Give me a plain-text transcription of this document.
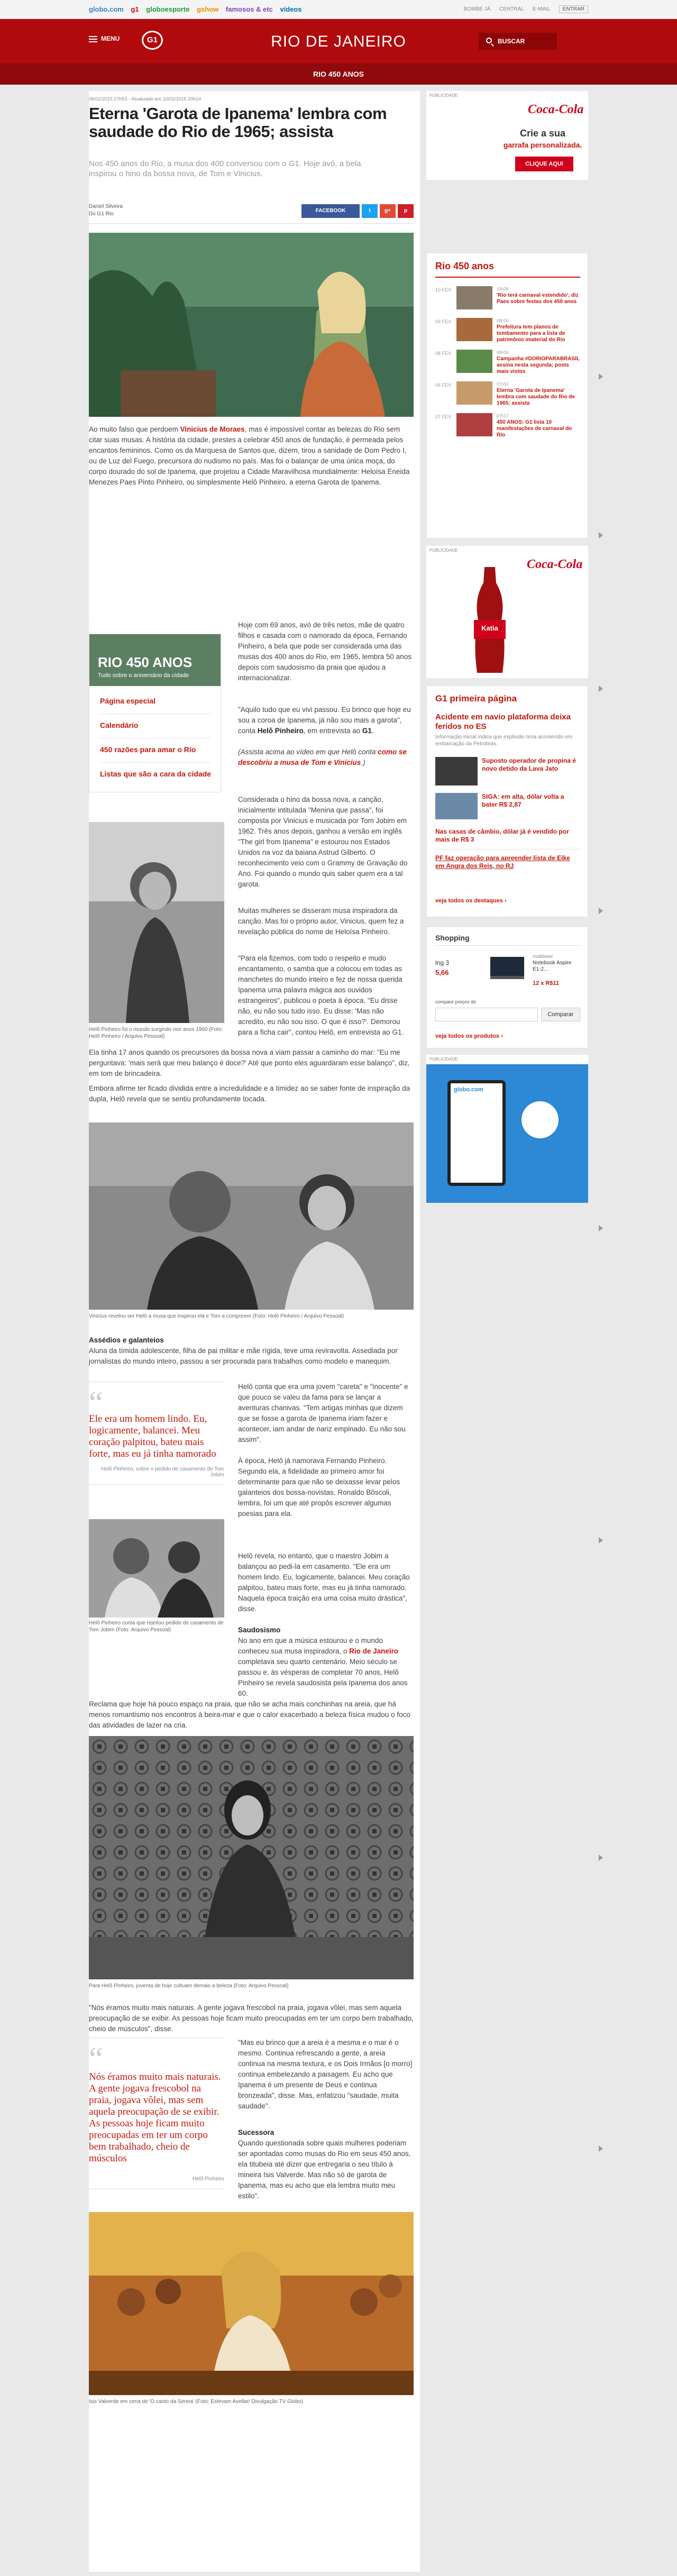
globo.com g1 globoesporte gshow famosos & etc vídeos	BOMBE JÁ CENTRAL E-MAIL ENTRAR
MENU	G1	RIO DE JANEIRO	BUSCAR
RIO 450 ANOS
06/02/2015 07h53 - Atualizado em 10/02/2015 20h14
Eterna 'Garota de Ipanema' lembra com saudade do Rio de 1965; assista
Nos 450 anos do Rio, a musa dos 400 conversou com o G1. Hoje avó, a bela inspirou o hino da bossa nova, de Tom e Vinicius.
Daniel Silveira
Do G1 Rio
FACEBOOK	t	g+ p
Ao muito falso que perdoem Vinicius de Moraes, mas é impossível contar as belezas do Rio sem citar suas musas. A história da cidade, prestes a celebrar 450 anos de fundação, é permeada pelos encantos femininos. Como os da Marquesa de Santos que, dizem, tirou a sanidade de Dom Pedro I, ou de Luz del Fuego, precursora do nudismo no país. Mas foi o balançar de uma única moça, do corpo dourado do sol de Ipanema, que projetou a Cidade Maravilhosa mundialmente: Heloísa Eneida Menezes Paes Pinto Pinheiro, ou simplesmente Helô Pinheiro, a eterna Garota de Ipanema.
RIO 450 ANOS
Tudo sobre o aniversário da cidade
Página especial
Calendário
450 razões para amar o Rio
Listas que são a cara da cidade
Hoje com 69 anos, avó de três netos, mãe de quatro filhos e casada com o namorado da época, Fernando Pinheiro, a bela que pode ser considerada uma das musas dos 400 anos do Rio, em 1965, lembra 50 anos depois com saudosismo da praia que ajudou a internacionalizar.
"Aquilo tudo que eu vivi passou. Eu brinco que hoje eu sou a coroa de Ipanema, já não sou mais a garota", conta Helô Pinheiro, em entrevista ao G1.
(Assista acima ao vídeo em que Helô conta como se descobriu a musa de Tom e Vinicius.)
Considerada o hino da bossa nova, a canção, inicialmente intitulada "Menina que passa", foi composta por Vinicius e musicada por Tom Jobim em 1962. Três anos depois, ganhou a versão em inglês "The girl from Ipanema" e estourou nos Estados Unidos na voz da baiana Astrud Gilberto. O reconhecimento veio com o Grammy de Gravação do Ano. Foi quando o mundo quis saber quem era a tal garota.
Muitas mulheres se disseram musa inspiradora da canção. Mas foi o próprio autor, Vinicius, quem fez a revelação pública do nome de Heloísa Pinheiro.
"Para ela fizemos, com todo o respeito e mudo encantamento, o samba que a colocou em todas as manchetes do mundo inteiro e fez de nossa querida Ipanema uma palavra mágica aos ouvidos estrangeiros", publicou o poeta à época. "Eu disse não, eu não sou tudo isso. Eu disse: 'Mas não acredito, eu não sou isso. O que é isso?'. Demorou para a ficha cair", contou Helô, em entrevista ao G1.
Helô Pinheiro foi o mundo surgindo nos anos 1960 (Foto: Helô Pinheiro / Arquivo Pessoal)
Ela tinha 17 anos quando os precursores da bossa nova a viam passar a caminho do mar: "Eu me perguntava: 'mais será que meu balanço é doce?' Até que ponto eles aguardaram esse balanço", diz, em tom de brincadeira.
Embora afirme ter ficado dividida entre a incredulidade e a timidez ao se saber fonte de inspiração da dupla, Helô revela que se sentiu profundamente tocada.
Vinicius revelou ser Helô a musa que inspirou ela e Tom a comporem (Foto: Helô Pinheiro / Arquivo Pessoal)
Assédios e galanteios
Aluna da tímida adolescente, filha de pai militar e mãe rígida, teve uma reviravolta. Assediada por jornalistas do mundo inteiro, passou a ser procurada para trabalhos como modelo e manequim.
“
Ele era um homem lindo. Eu, logicamente, balancei. Meu coração palpitou, bateu mais forte, mas eu já tinha namorado
Helô Pinheiro, sobre o pedido de casamento de Tom Jobim
Helô conta que era uma jovem "careta" e "inocente" e que pouco se valeu da fama para se lançar a aventuras chanivas. "Tem artigas minhas que dizem que se fosse a garota de Ipanema iriam fazer e acontecer, iam andar de nariz empinado. Eu não sou assim".
À época, Helô já namorava Fernando Pinheiro. Segundo ela, a fidelidade ao primeiro amor foi determinante para que não se deixasse levar pelos galanteios dos bossa-novistas. Ronaldo Bôscoli, lembra, foi um que até propôs escrever algumas poesias para ela.
Helô Pinheiro conta que rejeitou pedido de casamento de Tom Jobim (Foto: Arquivo Pessoal)
Helô revela, no entanto, que o maestro Jobim a balançou ao pedi-la em casamento. "Ele era um homem lindo. Eu, logicamente, balancei. Meu coração palpitou, bateu mais forte, mas eu já tinha namorado. Naquela época traição era uma coisa muito drástica", disse.
Saudosismo
No ano em que a música estourou e o mundo conheceu sua musa inspiradora, o Rio de Janeiro completava seu quarto centenário. Meio século se passou e, às vésperas de completar 70 anos, Helô Pinheiro se revela saudosista pela Ipanema dos anos 60.
Reclama que hoje há pouco espaço na praia, que não se acha mais conchinhas na areia, que há menos romantismo nos encontros à beira-mar e que o calor exacerbado a beleza física mudou o foco das atividades de lazer na cria.
Para Helô Pinheiro, juventa de hoje cultuam demais a beleza (Foto: Arquivo Pessoal)
"Nós éramos muito mais naturais. A gente jogava frescobol na praia, jogava vôlei, mas sem aquela preocupação de se exibir. As pessoas hoje ficam muito preocupadas em ter um corpo bem trabalhado, cheio de músculos", disse.
“
Nós éramos muito mais naturais. A gente jogava frescobol na praia, jogava vôlei, mas sem aquela preocupação de se exibir. As pessoas hoje ficam muito preocupadas em ter um corpo bem trabalhado, cheio de músculos
Helô Pinheiro
"Mas eu brinco que a areia é a mesma e o mar é o mesmo. Continua refrescando a gente, a areia continua na mesma textura, e os Dois Irmãos [o morro] continua embelezando a paisagem. Eu acho que Ipanema é um presente de Deus e continua bronzeada", disse. Mas, enfatizou "saudade, muita saudade".
Sucessora
Quando questionada sobre quais mulheres poderiam ser apontadas como musas do Rio em seus 450 anos, ela titubeia até dizer que entregaria o seu título à mineira Isis Valverde. Mas não só de garota de Ipanema, mas eu acho que ela lembra muito meu estilo".
Isis Valverde em cena de 'O canto da Sereia' (Foto: Estevam Avellar/ Divulgação TV Globo)
PUBLICIDADE
Coca-Cola
Crie a sua
garrafa personalizada.
CLIQUE AQUI
Rio 450 anos
10 FEV	15h28
'Rio terá carnaval estendido', diz Paes sobre festas dos 450 anos
09 FEV	06h16
Prefeitura tem planos de tombamento para a lista de patrimônio imaterial do Rio
08 FEV	06h16
Campanha #DORIOPARABRASIL assina nesta segunda; posts mais vistos
06 FEV	07h53
Eterna 'Garota de Ipanema' lembra com saudade do Rio de 1965; assista
07 FEV	07h17
450 ANOS: G1 lista 10 manifestações de carnaval do Rio
PUBLICIDADE
Coca-Cola
Katia
G1 primeira página
Acidente em navio plataforma deixa feridos no ES
Informação inicial indica que explosão teria acontecido em embarcação da Petrobras.
Suposto operador de propina é novo detido da Lava Jato
SIGA: em alta, dólar volta a bater R$ 2,87
Nas casas de câmbio, dólar já é vendido por mais de R$ 3
PF faz operação para apreender lista de Eike em Angra dos Reis, no RJ
veja todos os destaques ›
Shopping
ing 3
5,66
multilaser
Notebook Aspire E1-2...
12 x R$11
compare preços de
Comparar
veja todos os produtos ›
PUBLICIDADE
globo.com
